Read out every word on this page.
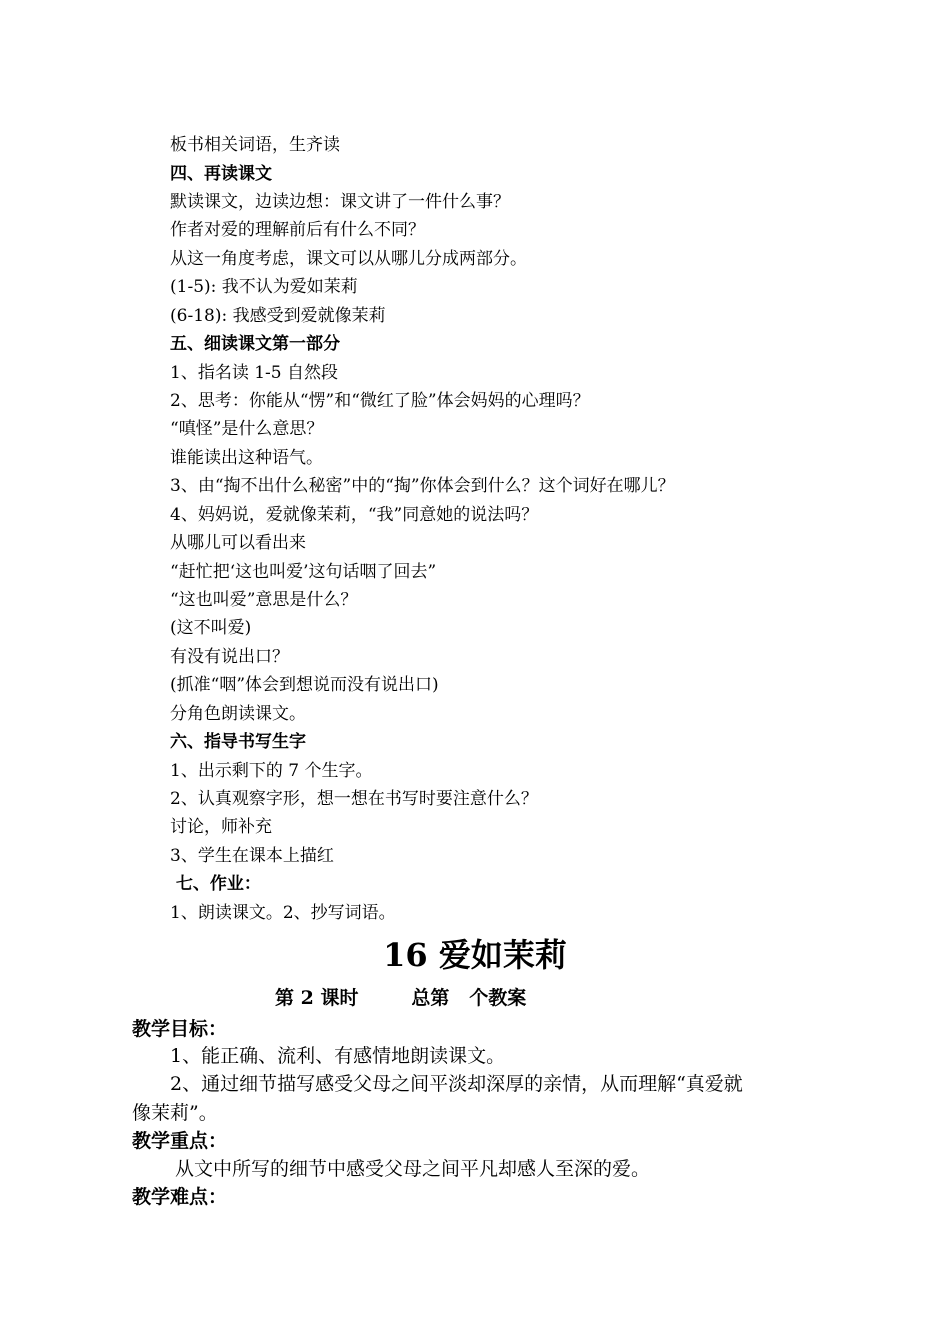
板书相关词语，生齐读
四、再读课文
默读课文，边读边想：课文讲了一件什么事？
作者对爱的理解前后有什么不同？
从这一角度考虑，课文可以从哪儿分成两部分。
(1-5): 我不认为爱如茉莉
(6-18): 我感受到爱就像茉莉
五、细读课文第一部分
1、指名读 1-5 自然段
2、思考：你能从“愣”和“微红了脸”体会妈妈的心理吗？
“嗔怪”是什么意思？
谁能读出这种语气。
3、由“掏不出什么秘密”中的“掏”你体会到什么？这个词好在哪儿？
4、妈妈说，爱就像茉莉，“我”同意她的说法吗？
从哪儿可以看出来
“赶忙把‘这也叫爱’这句话咽了回去”
“这也叫爱”意思是什么？
(这不叫爱)
有没有说出口？
(抓准“咽”体会到想说而没有说出口)
分角色朗读课文。
六、指导书写生字
1、出示剩下的 7 个生字。
2、认真观察字形，想一想在书写时要注意什么？
讨论，师补充
3、学生在课本上描红
七、作业：
1、朗读课文。2、抄写词语。
16 爱如茉莉
第 2 课时        总第   个教案
教学目标：
1、能正确、流利、有感情地朗读课文。
2、通过细节描写感受父母之间平淡却深厚的亲情，从而理解“真爱就
像茉莉”。
教学重点：
从文中所写的细节中感受父母之间平凡却感人至深的爱。
教学难点：
